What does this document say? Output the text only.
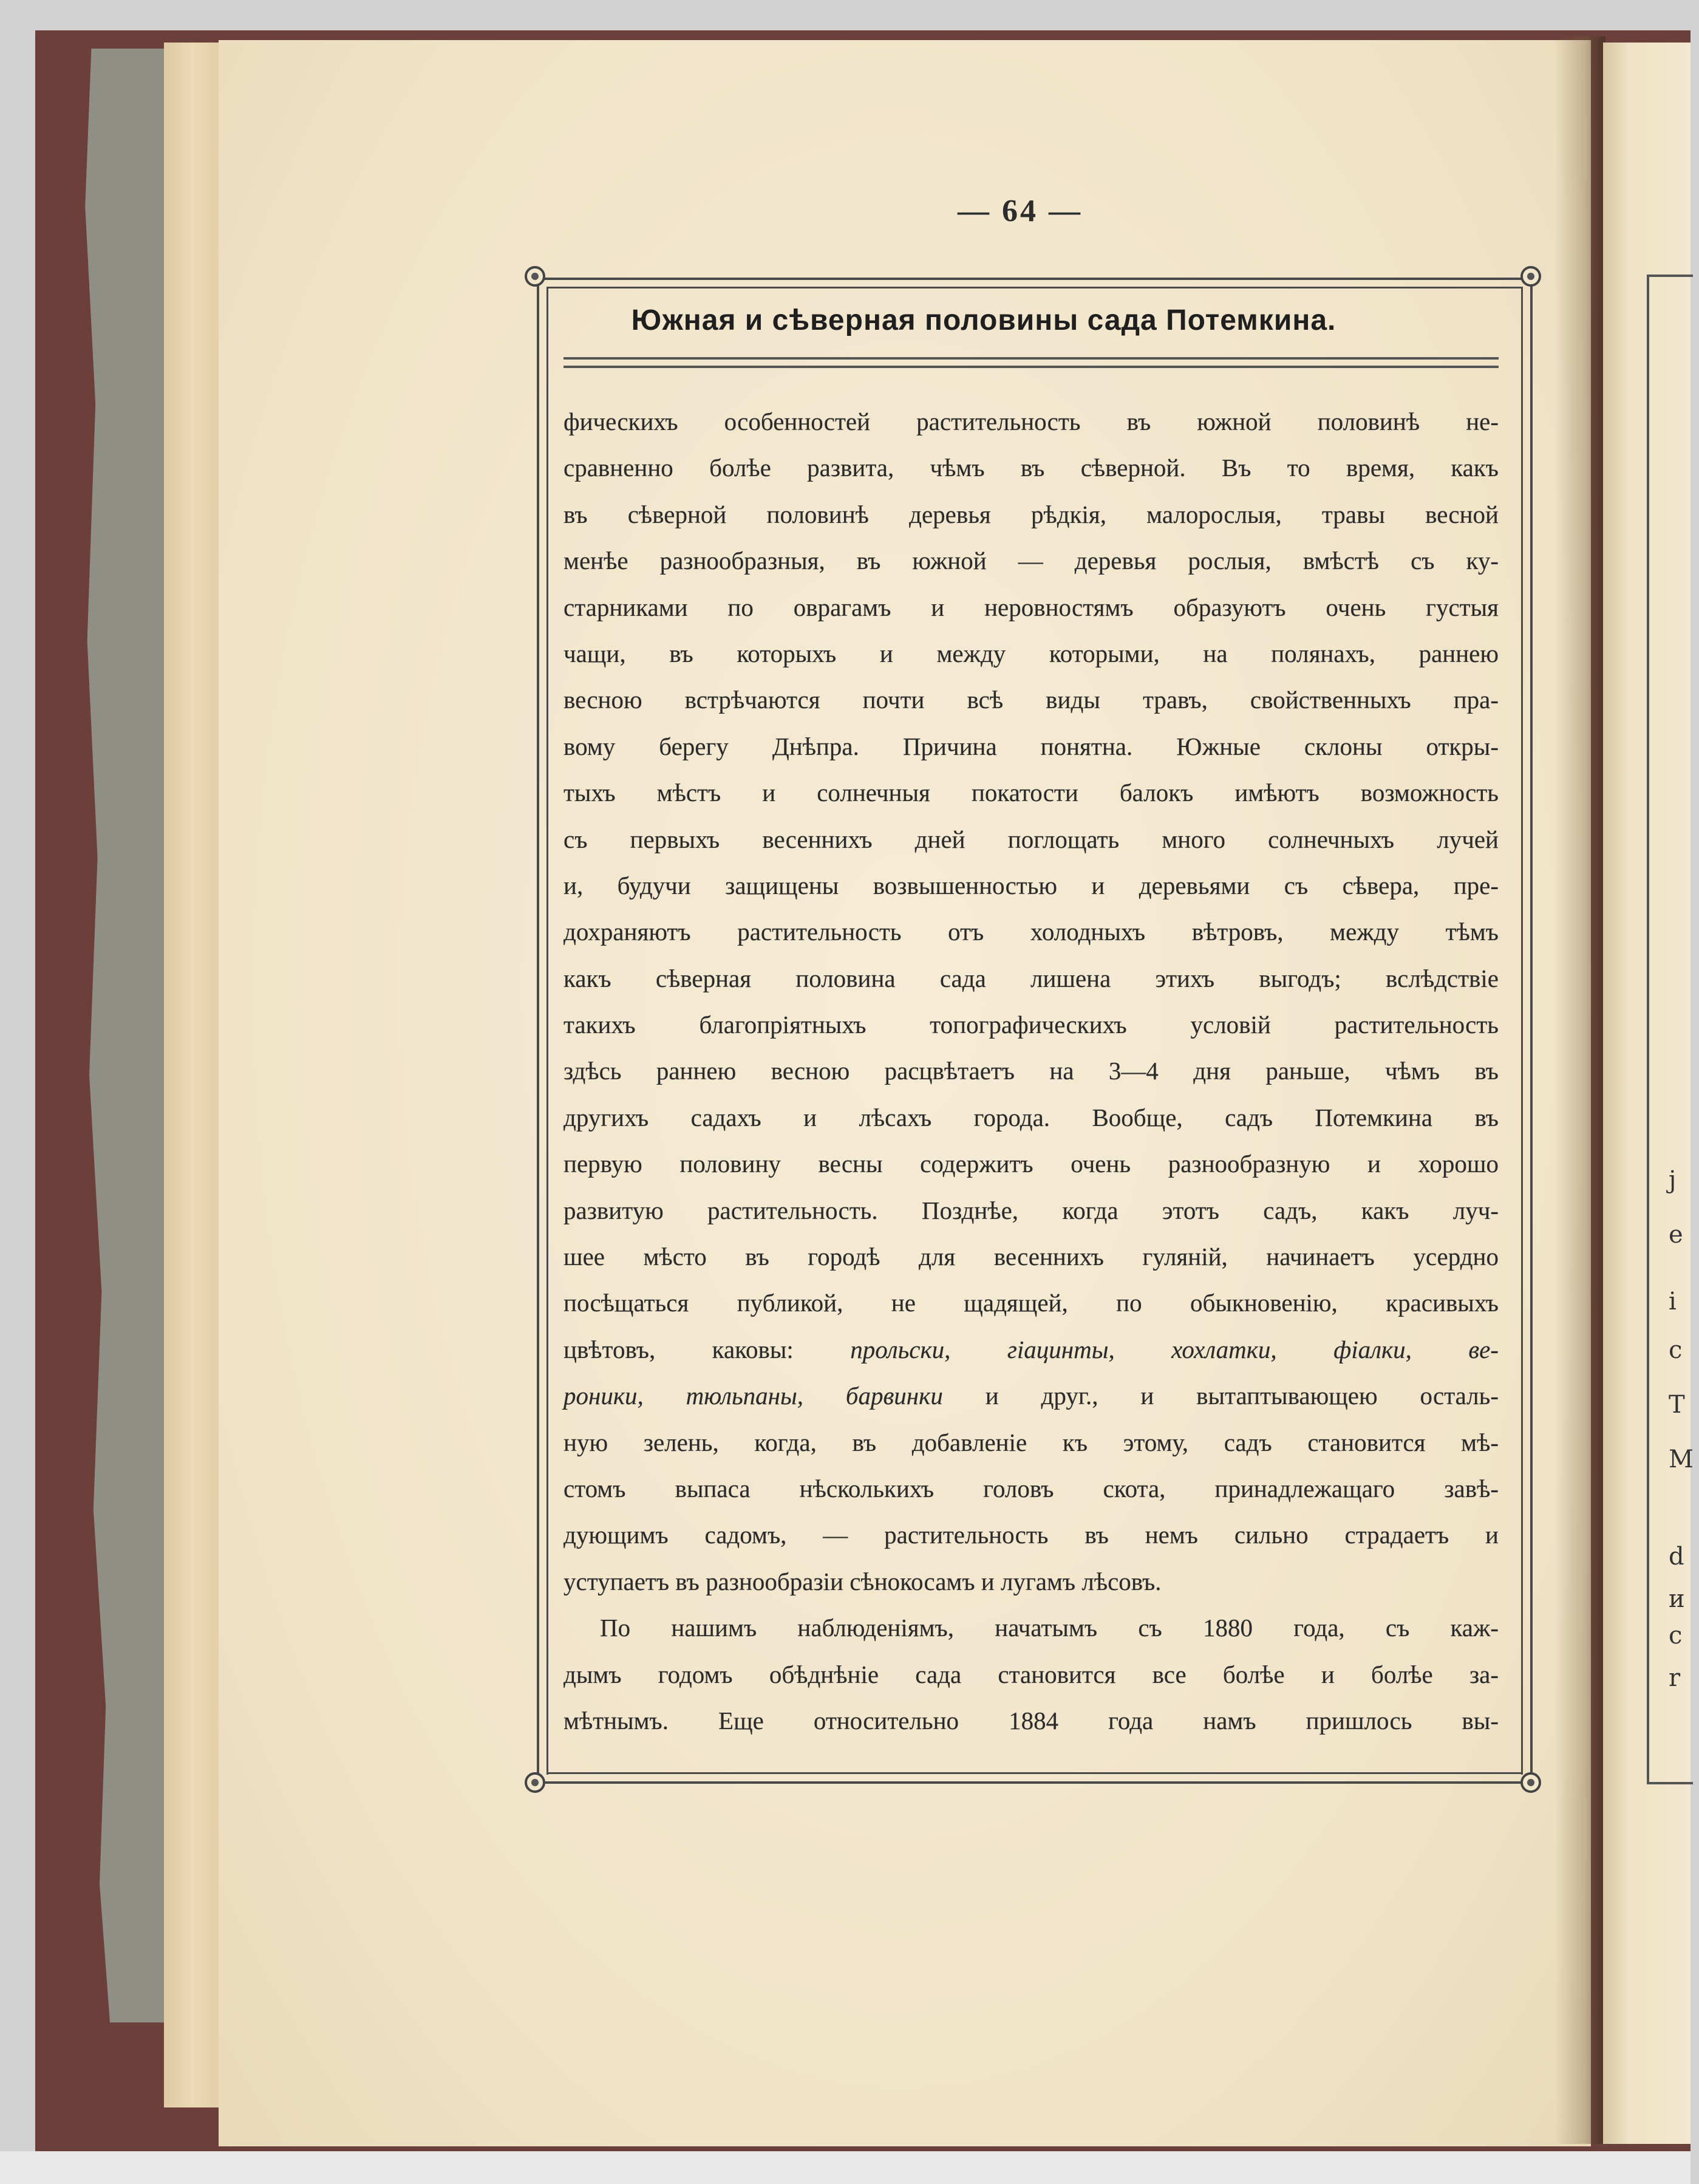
j
e
i
c
T
M
d
и
c
r
— 64 —
Южная и сѣверная половины сада Потемкина.
фическихъ особенностей растительность въ южной половинѣ не-
сравненно болѣе развита, чѣмъ въ сѣверной. Въ то время, какъ
въ сѣверной половинѣ деревья рѣдкія, малорослыя, травы весной
менѣе разнообразныя, въ южной — деревья рослыя, вмѣстѣ съ ку-
старниками по оврагамъ и неровностямъ образуютъ очень густыя
чащи, въ которыхъ и между которыми, на полянахъ, раннею
весною встрѣчаются почти всѣ виды травъ, свойственныхъ пра-
вому берегу Днѣпра. Причина понятна. Южные склоны откры-
тыхъ мѣстъ и солнечныя покатости балокъ имѣютъ возможность
съ первыхъ весеннихъ дней поглощать много солнечныхъ лучей
и, будучи защищены возвышенностью и деревьями съ сѣвера, пре-
дохраняютъ растительность отъ холодныхъ вѣтровъ, между тѣмъ
какъ сѣверная половина сада лишена этихъ выгодъ; вслѣдствіе
такихъ благопріятныхъ топографическихъ условій растительность
здѣсь раннею весною расцвѣтаетъ на 3—4 дня раньше, чѣмъ въ
другихъ садахъ и лѣсахъ города. Вообще, садъ Потемкина въ
первую половину весны содержитъ очень разнообразную и хорошо
развитую растительность. Позднѣе, когда этотъ садъ, какъ луч-
шее мѣсто въ городѣ для весеннихъ гуляній, начинаетъ усердно
посѣщаться публикой, не щадящей, по обыкновенію, красивыхъ
цвѣтовъ, каковы: прольски, гіацинты, хохлатки, фіалки, ве-
роники, тюльпаны, барвинки и друг., и вытаптывающею осталь-
ную зелень, когда, въ добавленіе къ этому, садъ становится мѣ-
стомъ выпаса нѣсколькихъ головъ скота, принадлежащаго завѣ-
дующимъ садомъ, — растительность въ немъ сильно страдаетъ и
уступаетъ въ разнообразіи сѣнокосамъ и лугамъ лѣсовъ.
По нашимъ наблюденіямъ, начатымъ съ 1880 года, съ каж-
дымъ годомъ обѣднѣніе сада становится все болѣе и болѣе за-
мѣтнымъ. Еще относительно 1884 года намъ пришлось вы-
